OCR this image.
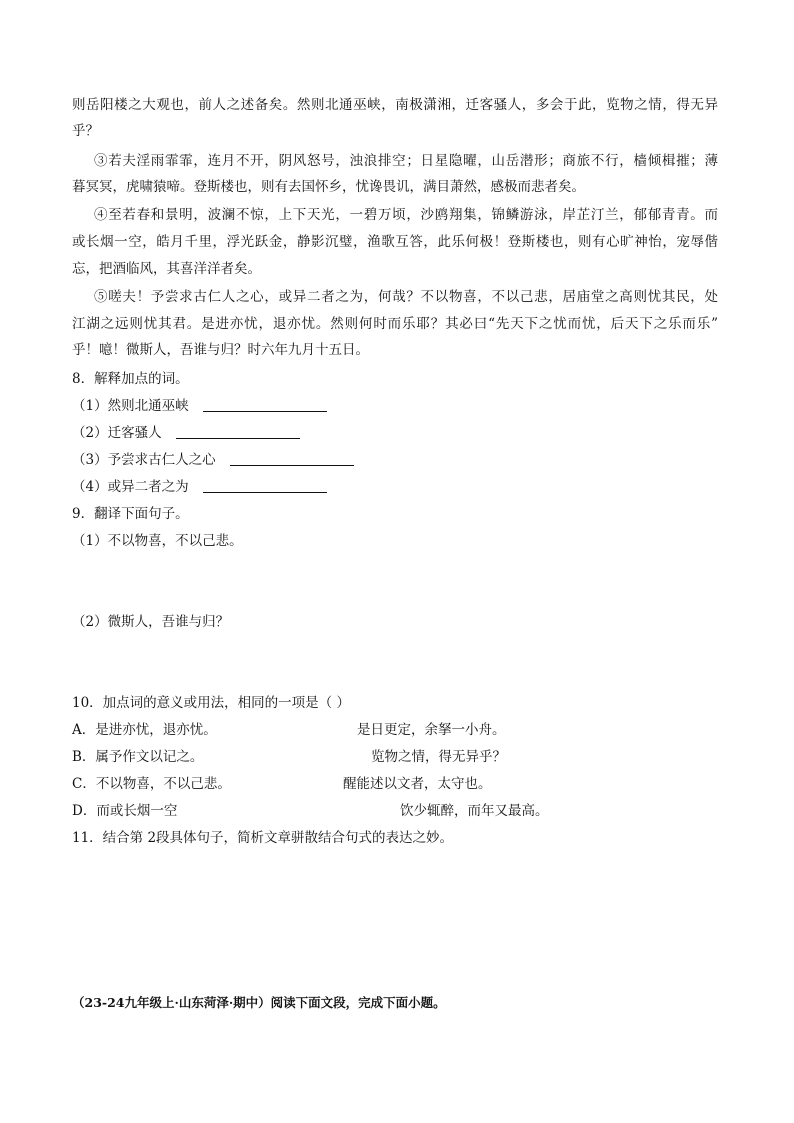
则岳阳楼之大观也，前人之述备矣。然则北通巫峡，南极潇湘，迁客骚人，多会于此，览物之情，得无异
乎？
③若夫淫雨霏霏，连月不开，阴风怒号，浊浪排空；日星隐曜，山岳潜形；商旅不行，樯倾楫摧；薄
暮冥冥，虎啸猿啼。登斯楼也，则有去国怀乡，忧谗畏讥，满目萧然，感极而悲者矣。
④至若春和景明，波澜不惊，上下天光，一碧万顷，沙鸥翔集，锦鳞游泳，岸芷汀兰，郁郁青青。而
或长烟一空，皓月千里，浮光跃金，静影沉璧，渔歌互答，此乐何极！登斯楼也，则有心旷神怡，宠辱偕
忘，把酒临风，其喜洋洋者矣。
⑤嗟夫！予尝求古仁人之心，或异二者之为，何哉？不以物喜，不以己悲，居庙堂之高则忧其民，处
江湖之远则忧其君。是进亦忧，退亦忧。然则何时而乐耶？其必曰“先天下之忧而忧，后天下之乐而乐”
乎！噫！微斯人，吾谁与归？时六年九月十五日。
8．解释加点的词。
（1）然则北通巫峡
（2）迁客骚人
（3）予尝求古仁人之心
（4）或异二者之为
9．翻译下面句子。
（1）不以物喜，不以己悲。
（2）微斯人，吾谁与归？
10．加点词的意义或用法，相同的一项是（ ）
A．是进亦忧，退亦忧。	是日更定，余拏一小舟。
B．属予作文以记之。	览物之情，得无异乎？
C．不以物喜，不以己悲。	醒能述以文者，太守也。
D．而或长烟一空	饮少辄醉，而年又最高。
11．结合第 2段具体句子，简析文章骈散结合句式的表达之妙。
（23-24九年级上·山东菏泽·期中）阅读下面文段，完成下面小题。
